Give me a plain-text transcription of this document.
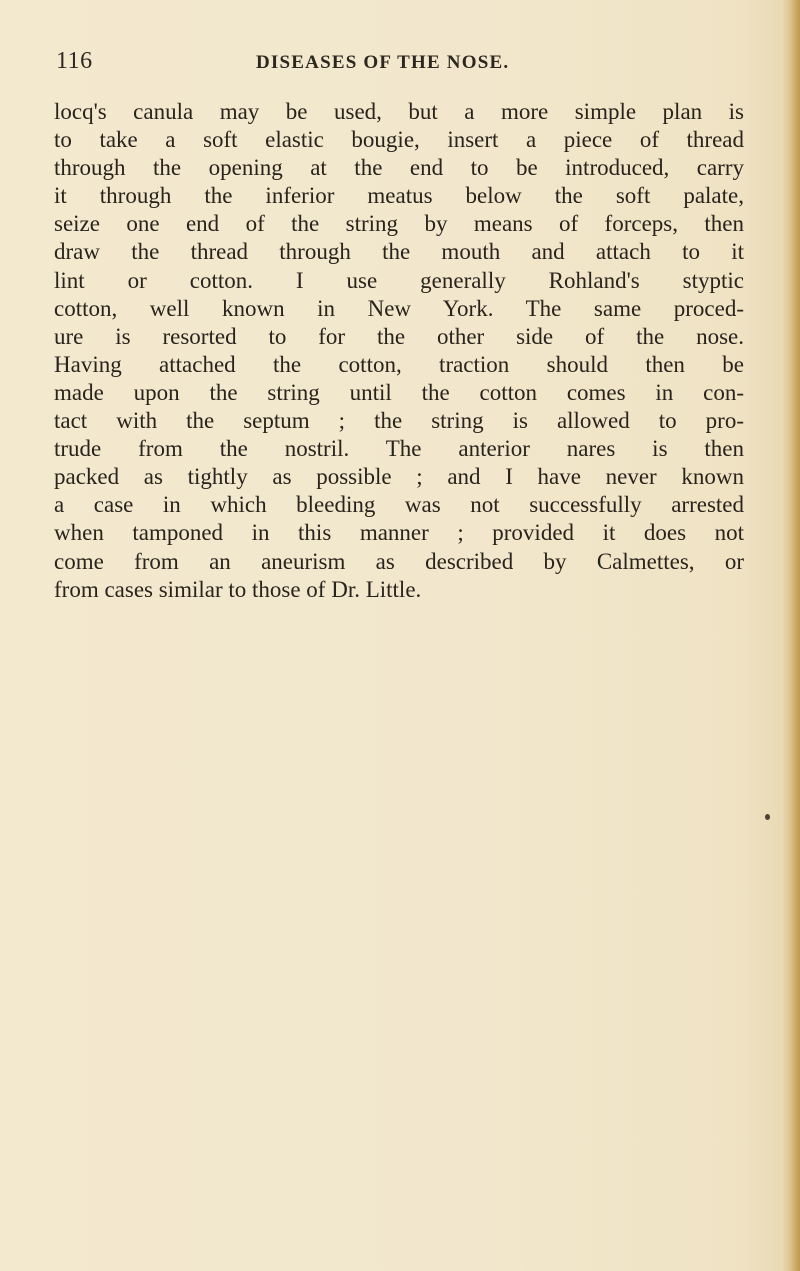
116	DISEASES OF THE NOSE.
locq's canula may be used, but a more simple plan is
to take a soft elastic bougie, insert a piece of thread
through the opening at the end to be introduced, carry
it through the inferior meatus below the soft palate,
seize one end of the string by means of forceps, then
draw the thread through the mouth and attach to it
lint or cotton. I use generally Rohland's styptic
cotton, well known in New York. The same proced-
ure is resorted to for the other side of the nose.
Having attached the cotton, traction should then be
made upon the string until the cotton comes in con-
tact with the septum ; the string is allowed to pro-
trude from the nostril. The anterior nares is then
packed as tightly as possible ; and I have never known
a case in which bleeding was not successfully arrested
when tamponed in this manner ; provided it does not
come from an aneurism as described by Calmettes, or
from cases similar to those of Dr. Little.
